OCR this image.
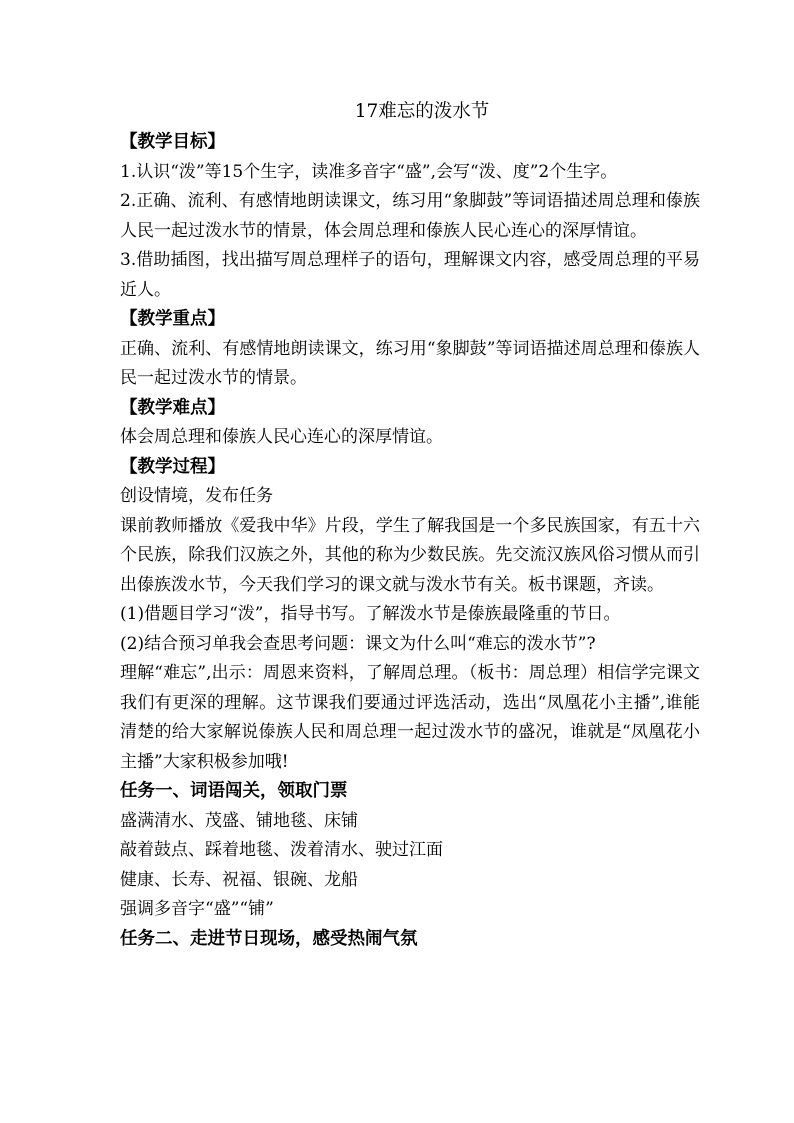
17难忘的泼水节

【教学目标】

1.认识“泼”等15个生字，读准多音字“盛”,会写“泼、度”2个生字。

2.正确、流利、有感情地朗读课文，练习用“象脚鼓”等词语描述周总理和傣族人民一起过泼水节的情景，体会周总理和傣族人民心连心的深厚情谊。

3.借助插图，找出描写周总理样子的语句，理解课文内容，感受周总理的平易近人。

【教学重点】

正确、流利、有感情地朗读课文，练习用“象脚鼓”等词语描述周总理和傣族人民一起过泼水节的情景。

【教学难点】

体会周总理和傣族人民心连心的深厚情谊。

【教学过程】

创设情境，发布任务

课前教师播放《爱我中华》片段，学生了解我国是一个多民族国家，有五十六个民族，除我们汉族之外，其他的称为少数民族。先交流汉族风俗习惯从而引出傣族泼水节，今天我们学习的课文就与泼水节有关。板书课题，齐读。

(1)借题目学习“泼”，指导书写。了解泼水节是傣族最隆重的节日。

(2)结合预习单我会查思考问题：课文为什么叫“难忘的泼水节”?

理解“难忘”,出示：周恩来资料，了解周总理。（板书：周总理）相信学完课文我们有更深的理解。这节课我们要通过评选活动，选出“凤凰花小主播”,谁能清楚的给大家解说傣族人民和周总理一起过泼水节的盛况，谁就是“凤凰花小主播”大家积极参加哦!

任务一、词语闯关，领取门票

盛满清水、茂盛、铺地毯、床铺

敲着鼓点、踩着地毯、泼着清水、驶过江面

健康、长寿、祝福、银碗、龙船

强调多音字“盛”“铺”

任务二、走进节日现场，感受热闹气氛
